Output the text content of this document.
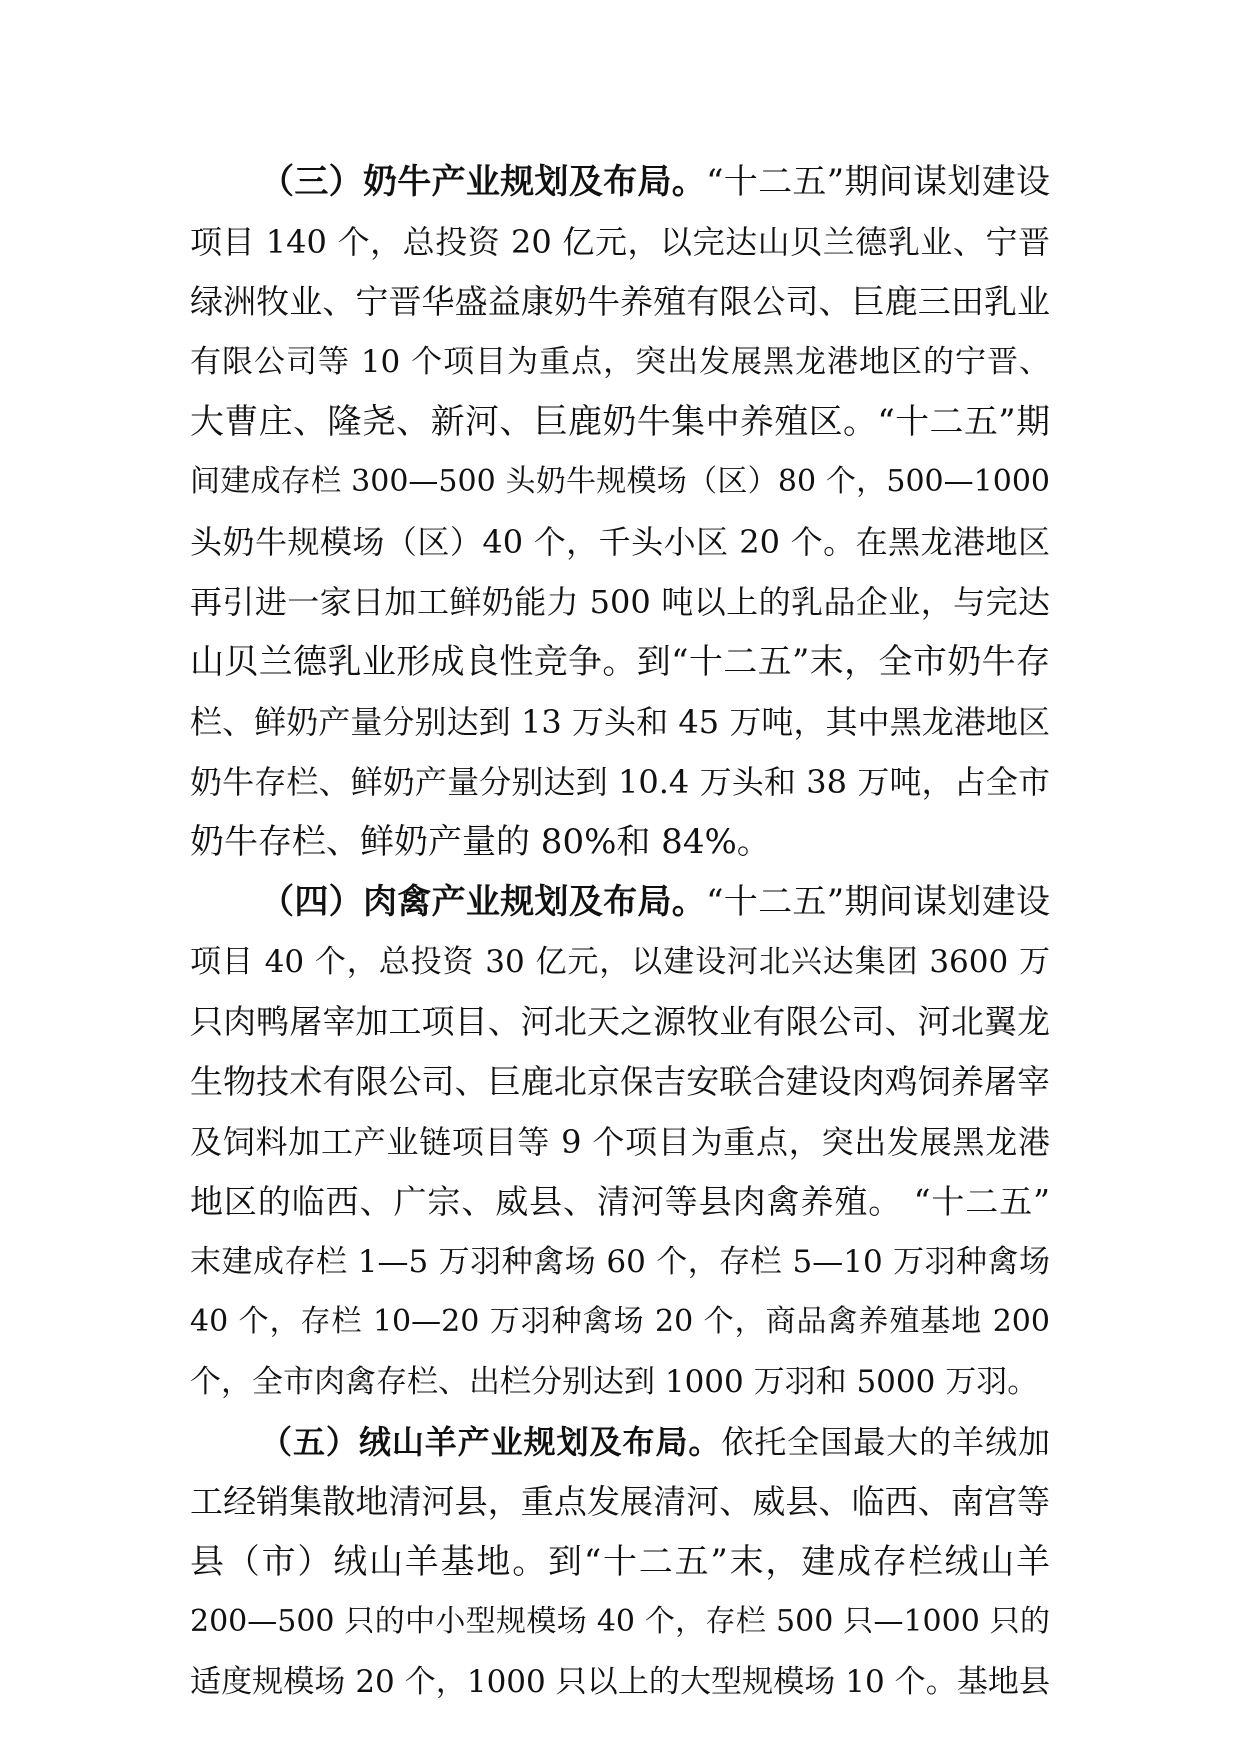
（三）奶牛产业规划及布局。“十二五”期间谋划建设
项目 140 个，总投资 20 亿元，以完达山贝兰德乳业、宁晋
绿洲牧业、宁晋华盛益康奶牛养殖有限公司、巨鹿三田乳业
有限公司等 10 个项目为重点，突出发展黑龙港地区的宁晋、
大曹庄、隆尧、新河、巨鹿奶牛集中养殖区。“十二五”期
间建成存栏 300—500 头奶牛规模场（区）80 个，500—1000
头奶牛规模场（区）40 个，千头小区 20 个。在黑龙港地区
再引进一家日加工鲜奶能力 500 吨以上的乳品企业，与完达
山贝兰德乳业形成良性竞争。到“十二五”末，全市奶牛存
栏、鲜奶产量分别达到 13 万头和 45 万吨，其中黑龙港地区
奶牛存栏、鲜奶产量分别达到 10.4 万头和 38 万吨，占全市
奶牛存栏、鲜奶产量的 80%和 84%。
（四）肉禽产业规划及布局。“十二五”期间谋划建设
项目 40 个，总投资 30 亿元，以建设河北兴达集团 3600 万
只肉鸭屠宰加工项目、河北天之源牧业有限公司、河北翼龙
生物技术有限公司、巨鹿北京保吉安联合建设肉鸡饲养屠宰
及饲料加工产业链项目等 9 个项目为重点，突出发展黑龙港
地区的临西、广宗、威县、清河等县肉禽养殖。 “十二五”
末建成存栏 1—5 万羽种禽场 60 个，存栏 5—10 万羽种禽场
40 个，存栏 10—20 万羽种禽场 20 个，商品禽养殖基地 200
个，全市肉禽存栏、出栏分别达到 1000 万羽和 5000 万羽。
（五）绒山羊产业规划及布局。依托全国最大的羊绒加
工经销集散地清河县，重点发展清河、威县、临西、南宫等
县（市）绒山羊基地。到“十二五”末，建成存栏绒山羊
200—500 只的中小型规模场 40 个，存栏 500 只—1000 只的
适度规模场 20 个，1000 只以上的大型规模场 10 个。基地县
